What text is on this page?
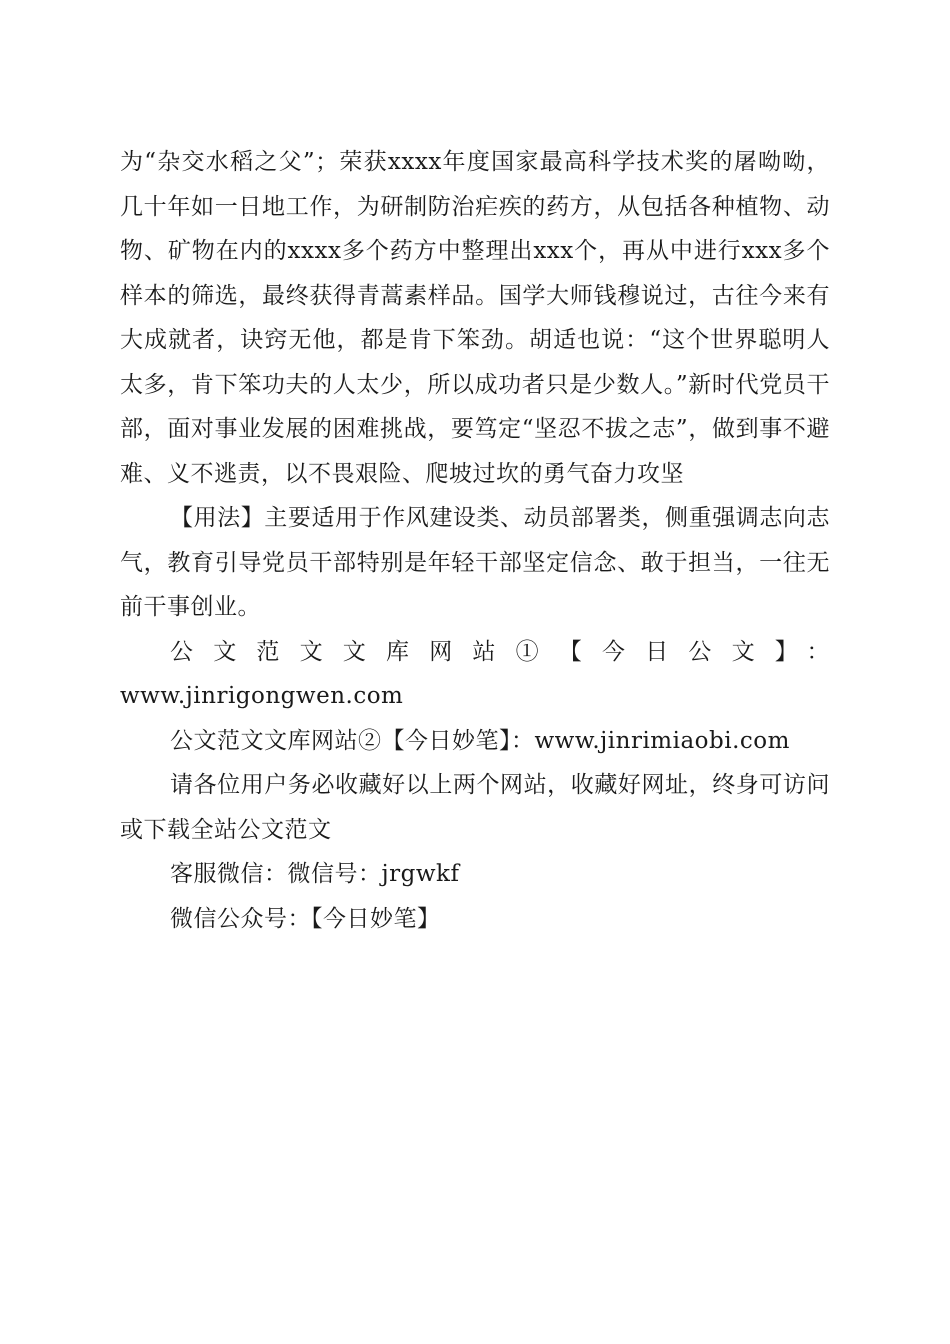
为“杂交水稻之父”；荣获xxxx年度国家最高科学技术奖的屠呦呦，几十年如一日地工作，为研制防治疟疾的药方，从包括各种植物、动物、矿物在内的xxxx多个药方中整理出xxx个，再从中进行xxx多个样本的筛选，最终获得青蒿素样品。国学大师钱穆说过，古往今来有大成就者，诀窍无他，都是肯下笨劲。胡适也说：“这个世界聪明人太多，肯下笨功夫的人太少，所以成功者只是少数人。”新时代党员干部，面对事业发展的困难挑战，要笃定“坚忍不拔之志”，做到事不避难、义不逃责，以不畏艰险、爬坡过坎的勇气奋力攻坚

【用法】主要适用于作风建设类、动员部署类，侧重强调志向志气，教育引导党员干部特别是年轻干部坚定信念、敢于担当，一往无前干事创业。

公文范文文库网站①【今日公文】：

www.jinrigongwen.com

公文范文文库网站②【今日妙笔】：www.jinrimiaobi.com

请各位用户务必收藏好以上两个网站，收藏好网址，终身可访问或下载全站公文范文

客服微信：微信号：jrgwkf

微信公众号：【今日妙笔】
